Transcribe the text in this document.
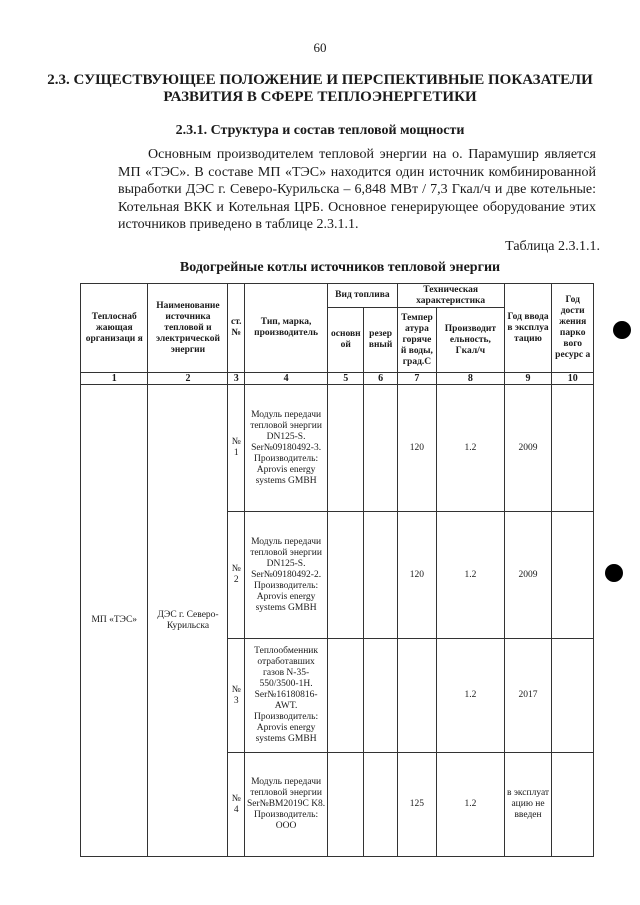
60
2.3. СУЩЕСТВУЮЩЕЕ ПОЛОЖЕНИЕ И ПЕРСПЕКТИВНЫЕ ПОКАЗАТЕЛИ РАЗВИТИЯ В СФЕРЕ ТЕПЛОЭНЕРГЕТИКИ
2.3.1. Структура и состав тепловой мощности
Основным производителем тепловой энергии на о. Парамушир является МП «ТЭС». В составе МП «ТЭС» находится один источник комбинированной выработки ДЭС г. Северо-Курильска – 6,848 МВт / 7,3 Гкал/ч и две котельные: Котельная ВКК и Котельная ЦРБ. Основное генерирующее оборудование этих источников приведено в таблице 2.3.1.1.
Таблица 2.3.1.1.
Водогрейные котлы источников тепловой энергии
Теплоснаб жающая организаци я	Наименование источника тепловой и электрической энергии	ст. №	Тип, марка, производитель	Вид топлива		Техническая характеристика		Год ввода в эксплуа тацию	Год дости жения парко вого ресурс а
				основн ой	резер вный	Темпер атура горяче й воды, град.С	Производит ельность, Гкал/ч		
1	2	3	4	5	6	7	8	9	10
МП «ТЭС»	ДЭС г. Северо-Курильска	№ 1	Модуль передачи тепловой энергии DN125-S. Ser№09180492-3. Производитель: Aprovis energy systems GMBH			120	1.2	2009	
		№ 2	Модуль передачи тепловой энергии DN125-S. Ser№09180492-2. Производитель: Aprovis energy systems GMBH			120	1.2	2009	
		№ 3	Теплообменник отработавших газов N-35-550/3500-1H. Ser№16180816-AWT. Производитель: Aprovis energy systems GMBH				1.2	2017	
		№ 4	Модуль передачи тепловой энергии Ser№BM2019C K8. Производитель: ООО			125	1.2	в эксплуат ацию не введен	
